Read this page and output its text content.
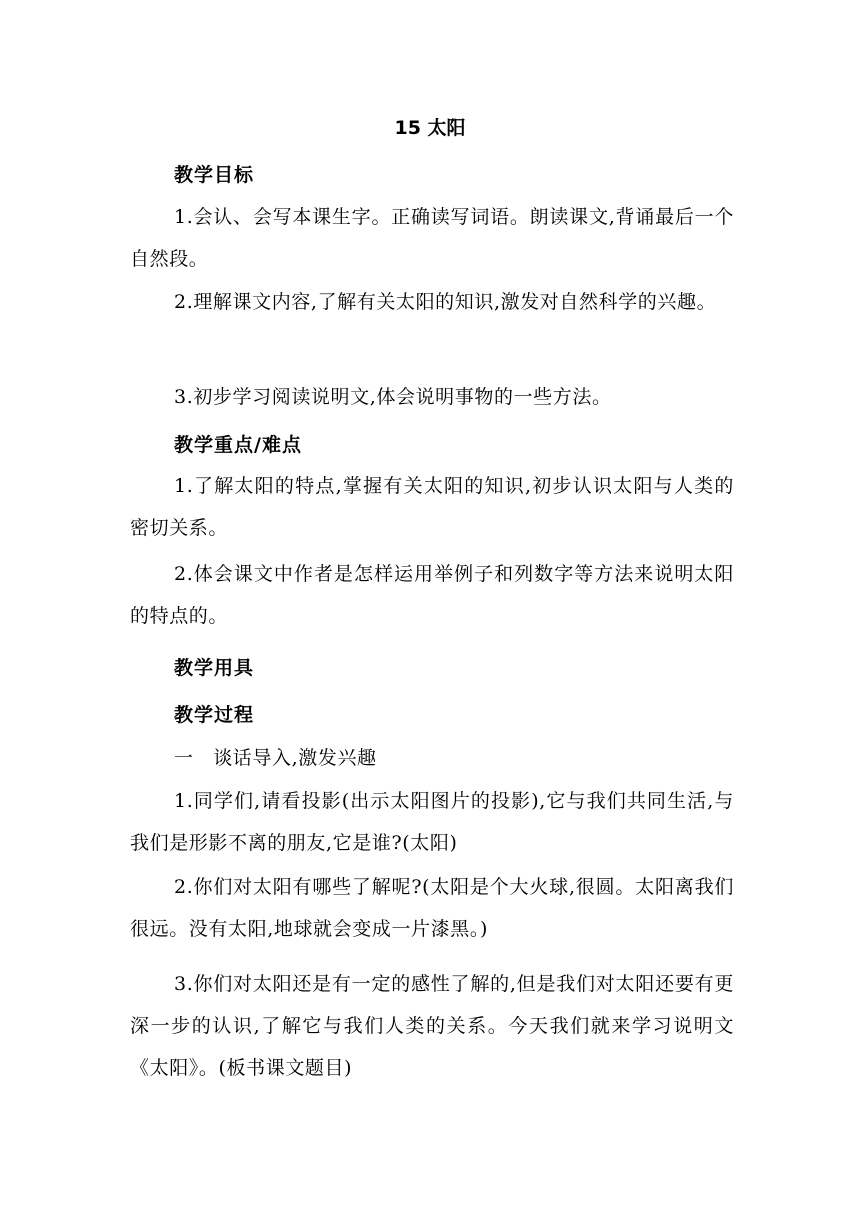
15 太阳
教学目标
1.会认、会写本课生字。正确读写词语。朗读课文,背诵最后一个自然段。
2.理解课文内容,了解有关太阳的知识,激发对自然科学的兴趣。
3.初步学习阅读说明文,体会说明事物的一些方法。
教学重点/难点
1.了解太阳的特点,掌握有关太阳的知识,初步认识太阳与人类的密切关系。
2.体会课文中作者是怎样运用举例子和列数字等方法来说明太阳的特点的。
教学用具
教学过程
一　谈话导入,激发兴趣
1.同学们,请看投影(出示太阳图片的投影),它与我们共同生活,与我们是形影不离的朋友,它是谁?(太阳)
2.你们对太阳有哪些了解呢?(太阳是个大火球,很圆。太阳离我们很远。没有太阳,地球就会变成一片漆黑。)
3.你们对太阳还是有一定的感性了解的,但是我们对太阳还要有更深一步的认识,了解它与我们人类的关系。今天我们就来学习说明文《太阳》。(板书课文题目)
